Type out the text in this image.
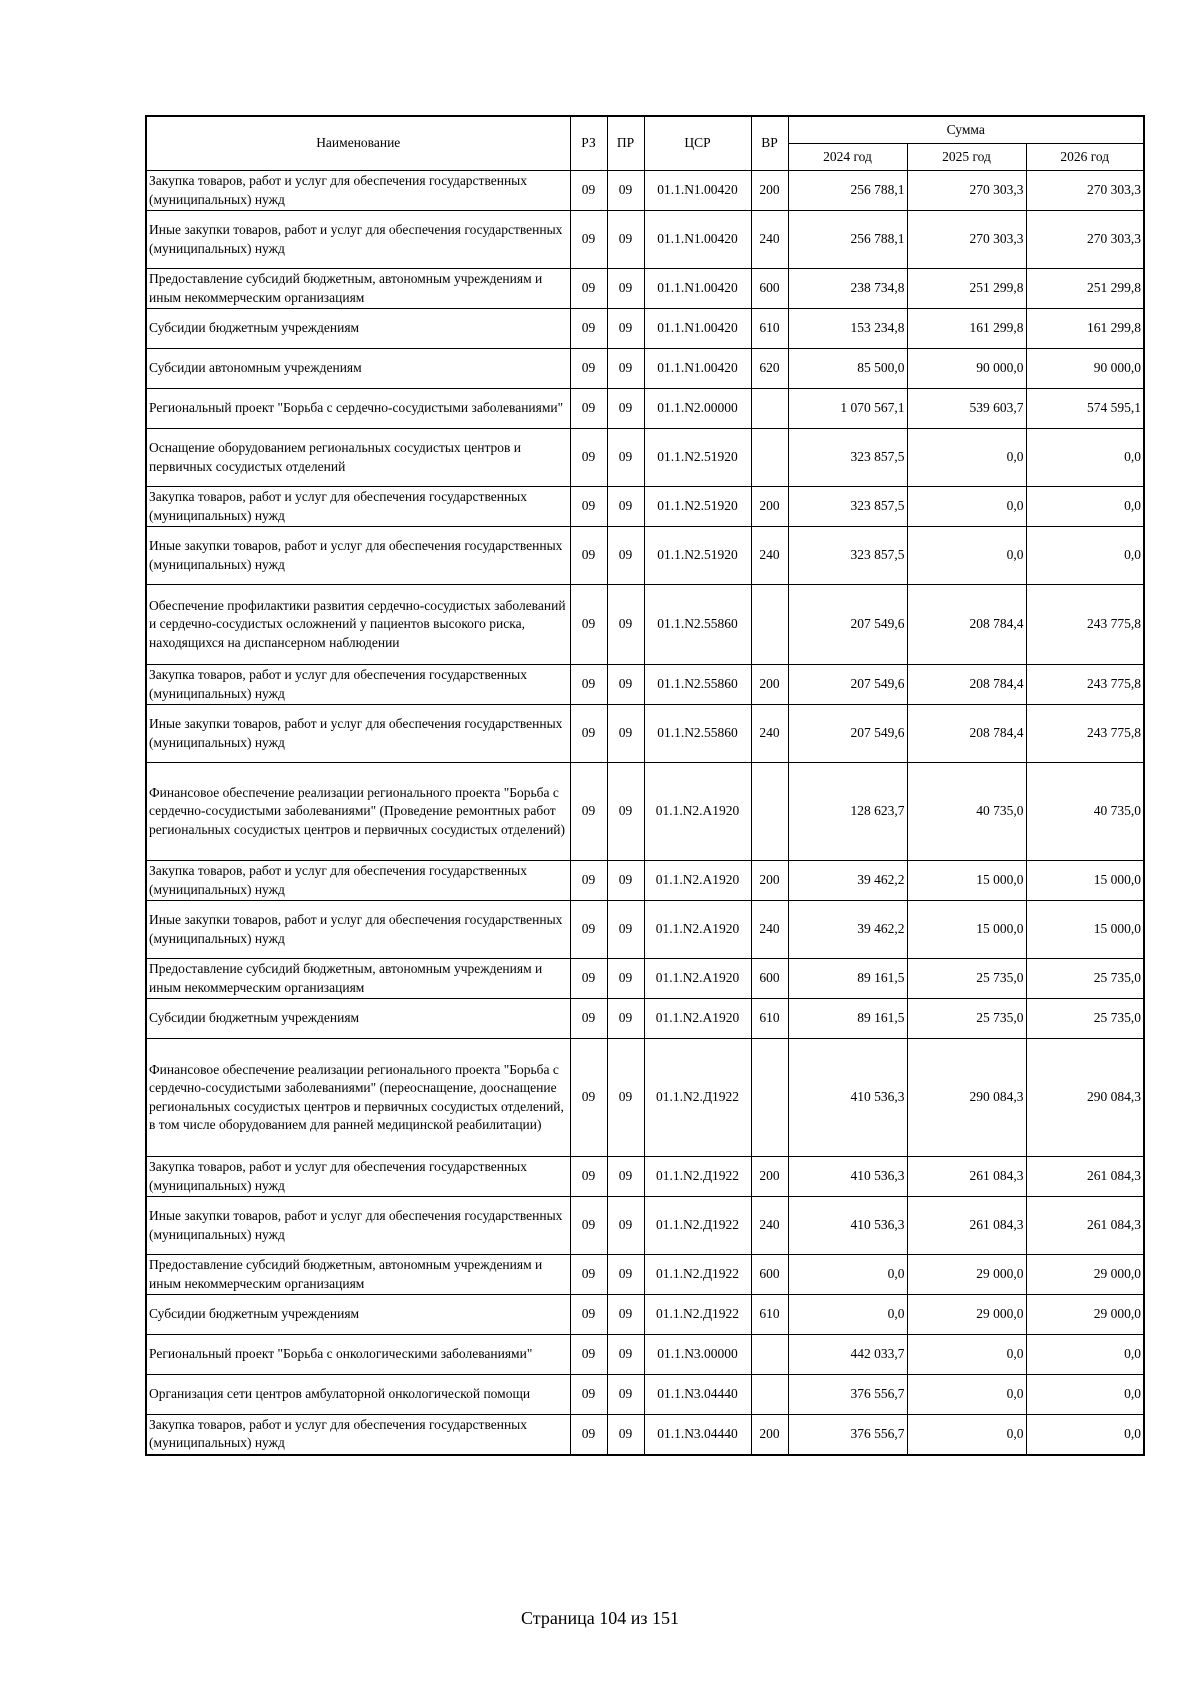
Наименование	РЗ	ПР	ЦСР	ВР	Сумма		
					2024 год	2025 год	2026 год
Закупка товаров, работ и услуг для обеспечения государственных (муниципальных) нужд	09	09	01.1.N1.00420	200	256 788,1	270 303,3	270 303,3
Иные закупки товаров, работ и услуг для обеспечения государственных (муниципальных) нужд	09	09	01.1.N1.00420	240	256 788,1	270 303,3	270 303,3
Предоставление субсидий бюджетным, автономным учреждениям и иным некоммерческим организациям	09	09	01.1.N1.00420	600	238 734,8	251 299,8	251 299,8
Субсидии бюджетным учреждениям	09	09	01.1.N1.00420	610	153 234,8	161 299,8	161 299,8
Субсидии автономным учреждениям	09	09	01.1.N1.00420	620	85 500,0	90 000,0	90 000,0
Региональный проект "Борьба с сердечно-сосудистыми заболеваниями"	09	09	01.1.N2.00000		1 070 567,1	539 603,7	574 595,1
Оснащение оборудованием региональных сосудистых центров и первичных сосудистых отделений	09	09	01.1.N2.51920		323 857,5	0,0	0,0
Закупка товаров, работ и услуг для обеспечения государственных (муниципальных) нужд	09	09	01.1.N2.51920	200	323 857,5	0,0	0,0
Иные закупки товаров, работ и услуг для обеспечения государственных (муниципальных) нужд	09	09	01.1.N2.51920	240	323 857,5	0,0	0,0
Обеспечение профилактики развития сердечно-сосудистых заболеваний и сердечно-сосудистых осложнений у пациентов высокого риска, находящихся на диспансерном наблюдении	09	09	01.1.N2.55860		207 549,6	208 784,4	243 775,8
Закупка товаров, работ и услуг для обеспечения государственных (муниципальных) нужд	09	09	01.1.N2.55860	200	207 549,6	208 784,4	243 775,8
Иные закупки товаров, работ и услуг для обеспечения государственных (муниципальных) нужд	09	09	01.1.N2.55860	240	207 549,6	208 784,4	243 775,8
Финансовое обеспечение реализации регионального проекта "Борьба с сердечно-сосудистыми заболеваниями" (Проведение ремонтных работ региональных сосудистых центров и первичных сосудистых отделений)	09	09	01.1.N2.A1920		128 623,7	40 735,0	40 735,0
Закупка товаров, работ и услуг для обеспечения государственных (муниципальных) нужд	09	09	01.1.N2.A1920	200	39 462,2	15 000,0	15 000,0
Иные закупки товаров, работ и услуг для обеспечения государственных (муниципальных) нужд	09	09	01.1.N2.A1920	240	39 462,2	15 000,0	15 000,0
Предоставление субсидий бюджетным, автономным учреждениям и иным некоммерческим организациям	09	09	01.1.N2.A1920	600	89 161,5	25 735,0	25 735,0
Субсидии бюджетным учреждениям	09	09	01.1.N2.A1920	610	89 161,5	25 735,0	25 735,0
Финансовое обеспечение реализации регионального проекта "Борьба с сердечно-сосудистыми заболеваниями" (переоснащение, дооснащение региональных сосудистых центров и первичных сосудистых отделений, в том числе оборудованием для ранней медицинской реабилитации)	09	09	01.1.N2.Д1922		410 536,3	290 084,3	290 084,3
Закупка товаров, работ и услуг для обеспечения государственных (муниципальных) нужд	09	09	01.1.N2.Д1922	200	410 536,3	261 084,3	261 084,3
Иные закупки товаров, работ и услуг для обеспечения государственных (муниципальных) нужд	09	09	01.1.N2.Д1922	240	410 536,3	261 084,3	261 084,3
Предоставление субсидий бюджетным, автономным учреждениям и иным некоммерческим организациям	09	09	01.1.N2.Д1922	600	0,0	29 000,0	29 000,0
Субсидии бюджетным учреждениям	09	09	01.1.N2.Д1922	610	0,0	29 000,0	29 000,0
Региональный проект "Борьба с онкологическими заболеваниями"	09	09	01.1.N3.00000		442 033,7	0,0	0,0
Организация сети центров амбулаторной онкологической помощи	09	09	01.1.N3.04440		376 556,7	0,0	0,0
Закупка товаров, работ и услуг для обеспечения государственных (муниципальных) нужд	09	09	01.1.N3.04440	200	376 556,7	0,0	0,0
Страница 104 из 151
